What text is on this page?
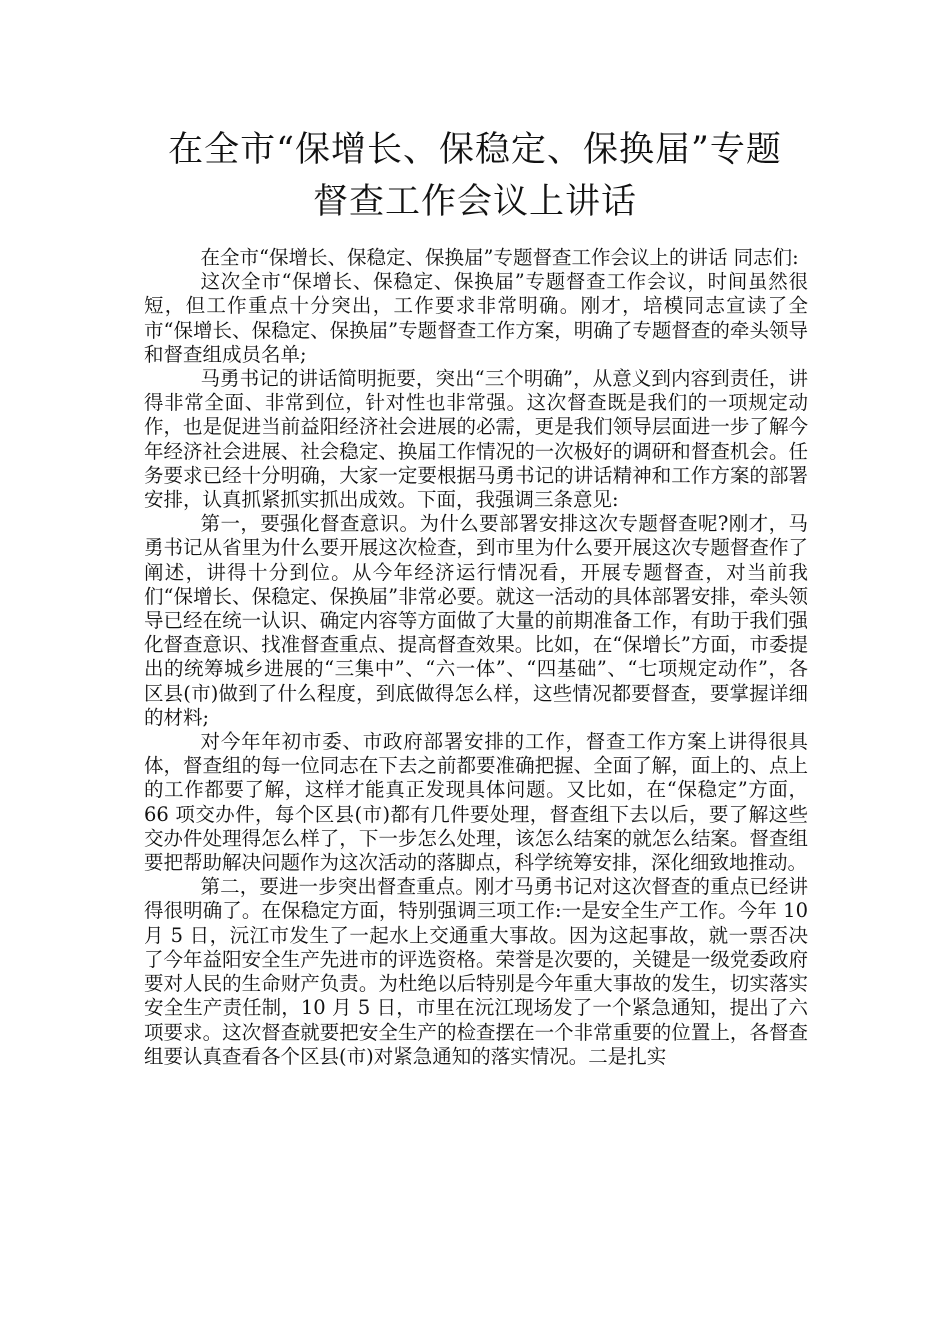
在全市“保增长、保稳定、保换届”专题
督查工作会议上讲话

在全市“保增长、保稳定、保换届”专题督查工作会议上的讲话 同志们:

这次全市“保增长、保稳定、保换届”专题督查工作会议，时间虽然很短，但工作重点十分突出，工作要求非常明确。刚才，培模同志宣读了全市“保增长、保稳定、保换届”专题督查工作方案，明确了专题督查的牵头领导和督查组成员名单;

马勇书记的讲话简明扼要，突出“三个明确”，从意义到内容到责任，讲得非常全面、非常到位，针对性也非常强。这次督查既是我们的一项规定动作，也是促进当前益阳经济社会进展的必需，更是我们领导层面进一步了解今年经济社会进展、社会稳定、换届工作情况的一次极好的调研和督查机会。任务要求已经十分明确，大家一定要根据马勇书记的讲话精神和工作方案的部署安排，认真抓紧抓实抓出成效。下面，我强调三条意见:

第一，要强化督查意识。为什么要部署安排这次专题督查呢?刚才，马勇书记从省里为什么要开展这次检查，到市里为什么要开展这次专题督查作了阐述，讲得十分到位。从今年经济运行情况看，开展专题督查，对当前我们“保增长、保稳定、保换届”非常必要。就这一活动的具体部署安排，牵头领导已经在统一认识、确定内容等方面做了大量的前期准备工作，有助于我们强化督查意识、找准督查重点、提高督查效果。比如，在“保增长”方面，市委提出的统筹城乡进展的“三集中”、“六一体”、“四基础”、“七项规定动作”，各区县(市)做到了什么程度，到底做得怎么样，这些情况都要督查，要掌握详细的材料;

对今年年初市委、市政府部署安排的工作，督查工作方案上讲得很具体，督查组的每一位同志在下去之前都要准确把握、全面了解，面上的、点上的工作都要了解，这样才能真正发现具体问题。又比如，在“保稳定”方面，66 项交办件，每个区县(市)都有几件要处理，督查组下去以后，要了解这些交办件处理得怎么样了，下一步怎么处理，该怎么结案的就怎么结案。督查组要把帮助解决问题作为这次活动的落脚点，科学统筹安排，深化细致地推动。

第二，要进一步突出督查重点。刚才马勇书记对这次督查的重点已经讲得很明确了。在保稳定方面，特别强调三项工作:一是安全生产工作。今年 10 月 5 日，沅江市发生了一起水上交通重大事故。因为这起事故，就一票否决了今年益阳安全生产先进市的评选资格。荣誉是次要的，关键是一级党委政府要对人民的生命财产负责。为杜绝以后特别是今年重大事故的发生，切实落实安全生产责任制，10 月 5 日，市里在沅江现场发了一个紧急通知，提出了六项要求。这次督查就要把安全生产的检查摆在一个非常重要的位置上，各督查组要认真查看各个区县(市)对紧急通知的落实情况。二是扎实
